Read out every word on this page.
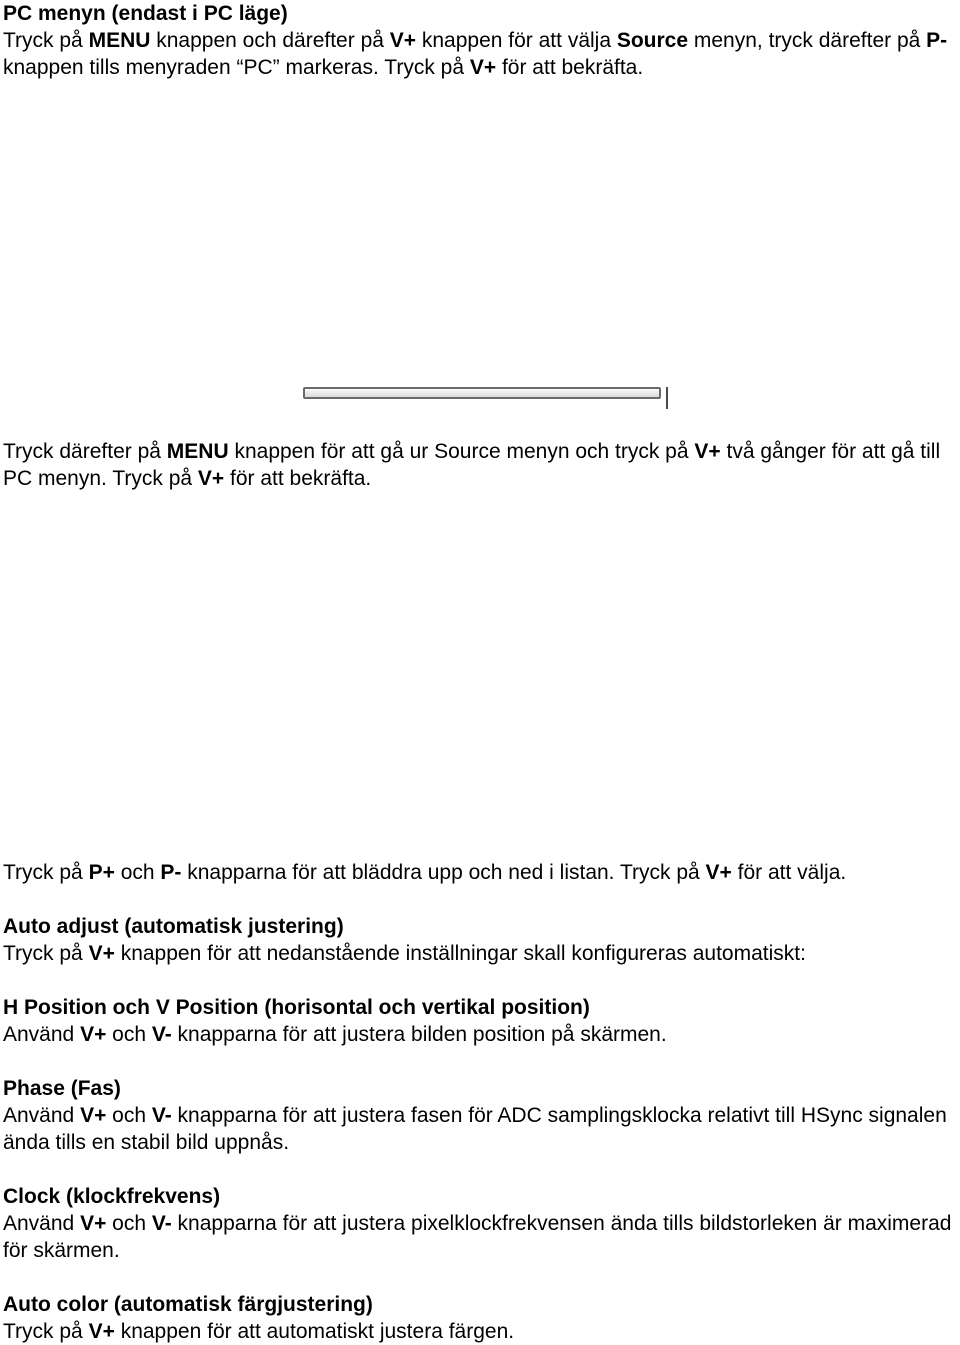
PC menyn (endast i PC läge)
Tryck på MENU knappen och därefter på V+ knappen för att välja Source menyn, tryck därefter på P- knappen tills menyraden “PC” markeras. Tryck på V+ för att bekräfta.
Tryck därefter på MENU knappen för att gå ur Source menyn och tryck på V+ två gånger för att gå till PC menyn. Tryck på V+ för att bekräfta.
Tryck på P+ och P- knapparna för att bläddra upp och ned i listan. Tryck på V+ för att välja.
Auto adjust (automatisk justering)
Tryck på V+ knappen för att nedanstående inställningar skall konfigureras automatiskt:
H Position och V Position (horisontal och vertikal position)
Använd V+ och V- knapparna för att justera bilden position på skärmen.
Phase (Fas)
Använd V+ och V- knapparna för att justera fasen för ADC samplingsklocka relativt till HSync signalen ända tills en stabil bild uppnås.
Clock (klockfrekvens)
Använd V+ och V- knapparna för att justera pixelklockfrekvensen ända tills bildstorleken är maximerad för skärmen.
Auto color (automatisk färgjustering)
Tryck på V+ knappen för att automatiskt justera färgen.
